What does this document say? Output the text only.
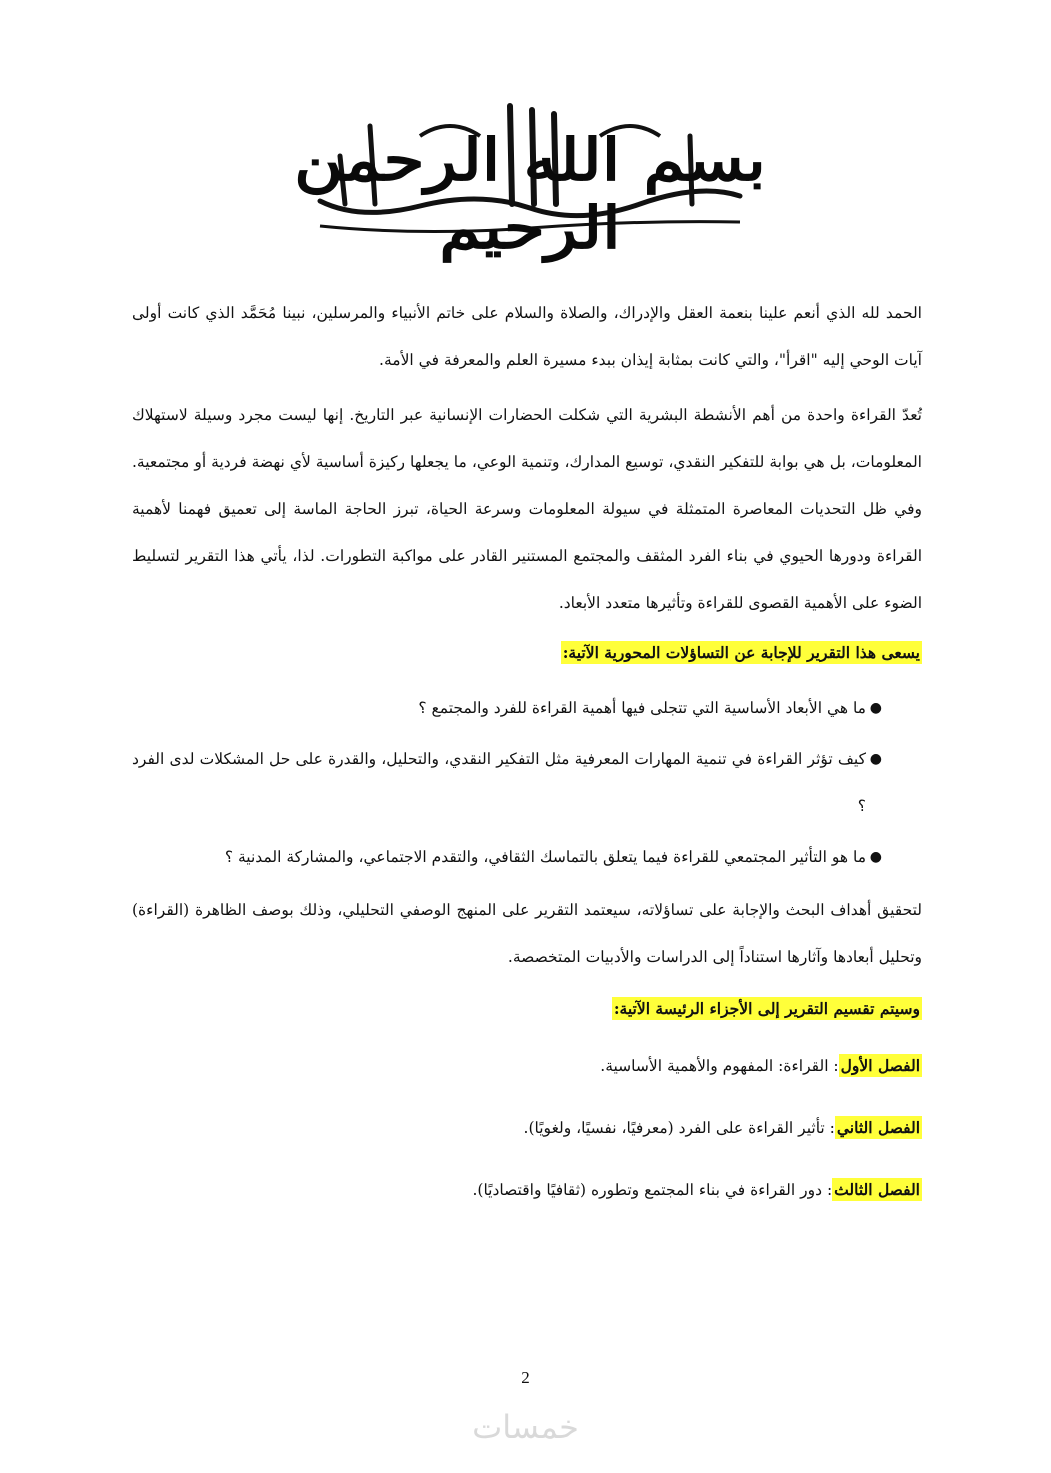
بسم الله الرحمن الرحيم

الحمد لله الذي أنعم علينا بنعمة العقل والإدراك، والصلاة والسلام على خاتم الأنبياء والمرسلين، نبينا مُحَمَّد الذي كانت أولى آيات الوحي إليه "اقرأ"، والتي كانت بمثابة إيذان ببدء مسيرة العلم والمعرفة في الأمة.

تُعدّ القراءة واحدة من أهم الأنشطة البشرية التي شكلت الحضارات الإنسانية عبر التاريخ. إنها ليست مجرد وسيلة لاستهلاك المعلومات، بل هي بوابة للتفكير النقدي، توسيع المدارك، وتنمية الوعي، ما يجعلها ركيزة أساسية لأي نهضة فردية أو مجتمعية. وفي ظل التحديات المعاصرة المتمثلة في سيولة المعلومات وسرعة الحياة، تبرز الحاجة الماسة إلى تعميق فهمنا لأهمية القراءة ودورها الحيوي في بناء الفرد المثقف والمجتمع المستنير القادر على مواكبة التطورات. لذا، يأتي هذا التقرير لتسليط الضوء على الأهمية القصوى للقراءة وتأثيرها متعدد الأبعاد.

يسعى هذا التقرير للإجابة عن التساؤلات المحورية الآتية:

●
ما هي الأبعاد الأساسية التي تتجلى فيها أهمية القراءة للفرد والمجتمع ؟
●
كيف تؤثر القراءة في تنمية المهارات المعرفية مثل التفكير النقدي، والتحليل، والقدرة على حل المشكلات لدى الفرد ؟
●
ما هو التأثير المجتمعي للقراءة فيما يتعلق بالتماسك الثقافي، والتقدم الاجتماعي، والمشاركة المدنية ؟

لتحقيق أهداف البحث والإجابة على تساؤلاته، سيعتمد التقرير على المنهج الوصفي التحليلي، وذلك بوصف الظاهرة (القراءة) وتحليل أبعادها وآثارها استناداً إلى الدراسات والأدبيات المتخصصة.

وسيتم تقسيم التقرير إلى الأجزاء الرئيسة الآتية:

الفصل الأول: القراءة: المفهوم والأهمية الأساسية.

الفصل الثاني: تأثير القراءة على الفرد (معرفيًا، نفسيًا، ولغويًا).

الفصل الثالث: دور القراءة في بناء المجتمع وتطوره (ثقافيًا واقتصاديًا).

2
خمسات
